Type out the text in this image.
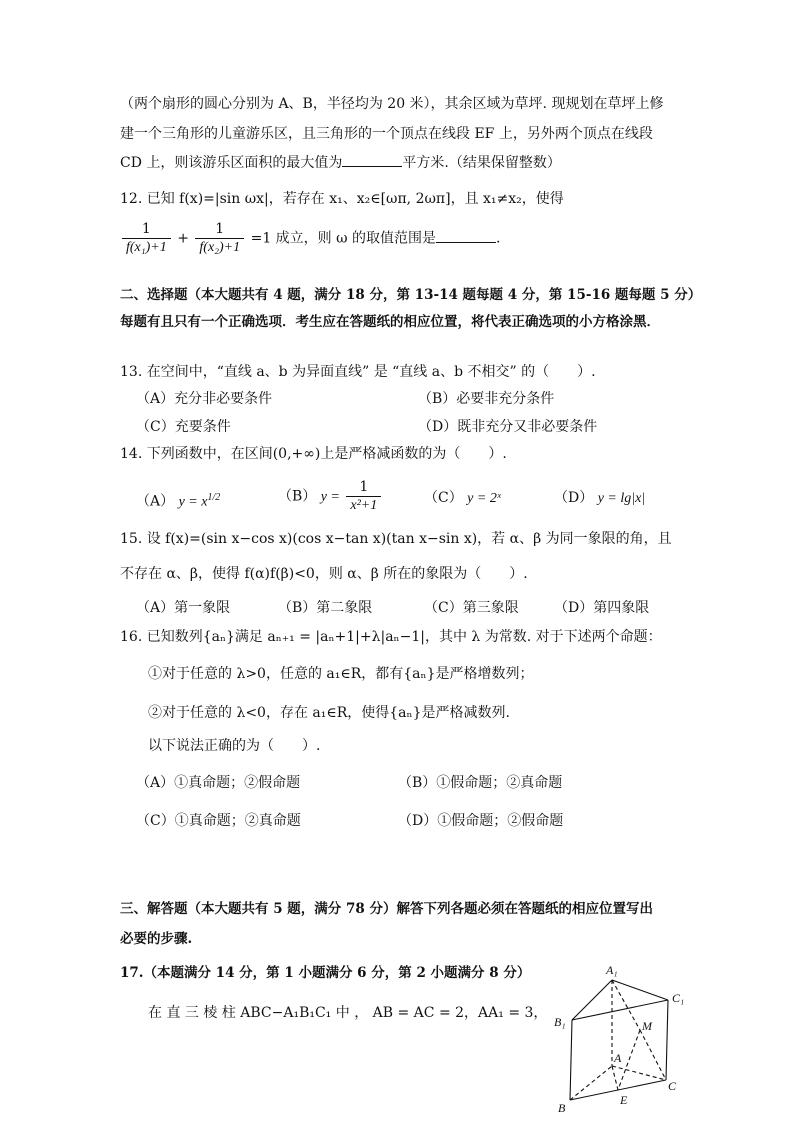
（两个扇形的圆心分别为 A、B，半径均为 20 米），其余区域为草坪. 现规划在草坪上修
建一个三角形的儿童游乐区，且三角形的一个顶点在线段 EF 上，另外两个顶点在线段
CD 上，则该游乐区面积的最大值为	平方米.（结果保留整数）
12. 已知 f(x)=|sin ωx|，若存在 x₁、x₂∈[ωπ, 2ωπ]，且 x₁≠x₂，使得
$\frac{1}{\text{f(x₁)+1}} + \frac{1}{\text{f(x₂)+1}} =1$ 成立，则 ω 的取值范围是	.
二、选择题（本大题共有 4 题，满分 18 分，第 13-14 题每题 4 分，第 15-16 题每题 5 分）
每题有且只有一个正确选项．考生应在答题纸的相应位置，将代表正确选项的小方格涂黑．
13. 在空间中，“直线 a、b 为异面直线” 是 “直线 a、b 不相交” 的（　　）.
（A）充分非必要条件	（B）必要非充分条件
（C）充要条件	（D）既非充分又非必要条件
14. 下列函数中，在区间(0,+∞)上是严格减函数的为（　　）.
（A） $y = x^{1/2}$	（B） $y = \frac{1}{\text{x²+1}}$	（C） y = 2ˣ	（D） y = lg|x|
15. 设 f(x)=(sin x−cos x)(cos x−tan x)(tan x−sin x)，若 α、β 为同一象限的角，且
不存在 α、β，使得 f(α)f(β)<0，则 α、β 所在的象限为（　　）.
（A）第一象限	（B）第二象限	（C）第三象限	（D）第四象限
16. 已知数列{aₙ}满足 aₙ₊₁ = |aₙ+1|+λ|aₙ−1|，其中 λ 为常数. 对于下述两个命题：
①对于任意的 λ>0，任意的 a₁∈R，都有{aₙ}是严格增数列；
②对于任意的 λ<0，存在 a₁∈R，使得{aₙ}是严格减数列.
以下说法正确的为（　　）.
（A）①真命题；②假命题	（B）①假命题；②真命题
（C）①真命题；②真命题	（D）①假命题；②假命题
三、解答题（本大题共有 5 题，满分 78 分）解答下列各题必须在答题纸的相应位置写出
必要的步骤.
17.（本题满分 14 分，第 1 小题满分 6 分，第 2 小题满分 8 分）
在 直 三 棱 柱 ABC−A₁B₁C₁ 中 ， AB = AC = 2，AA₁ = 3，
A₁
C₁
B₁	M
A
B
E
C
